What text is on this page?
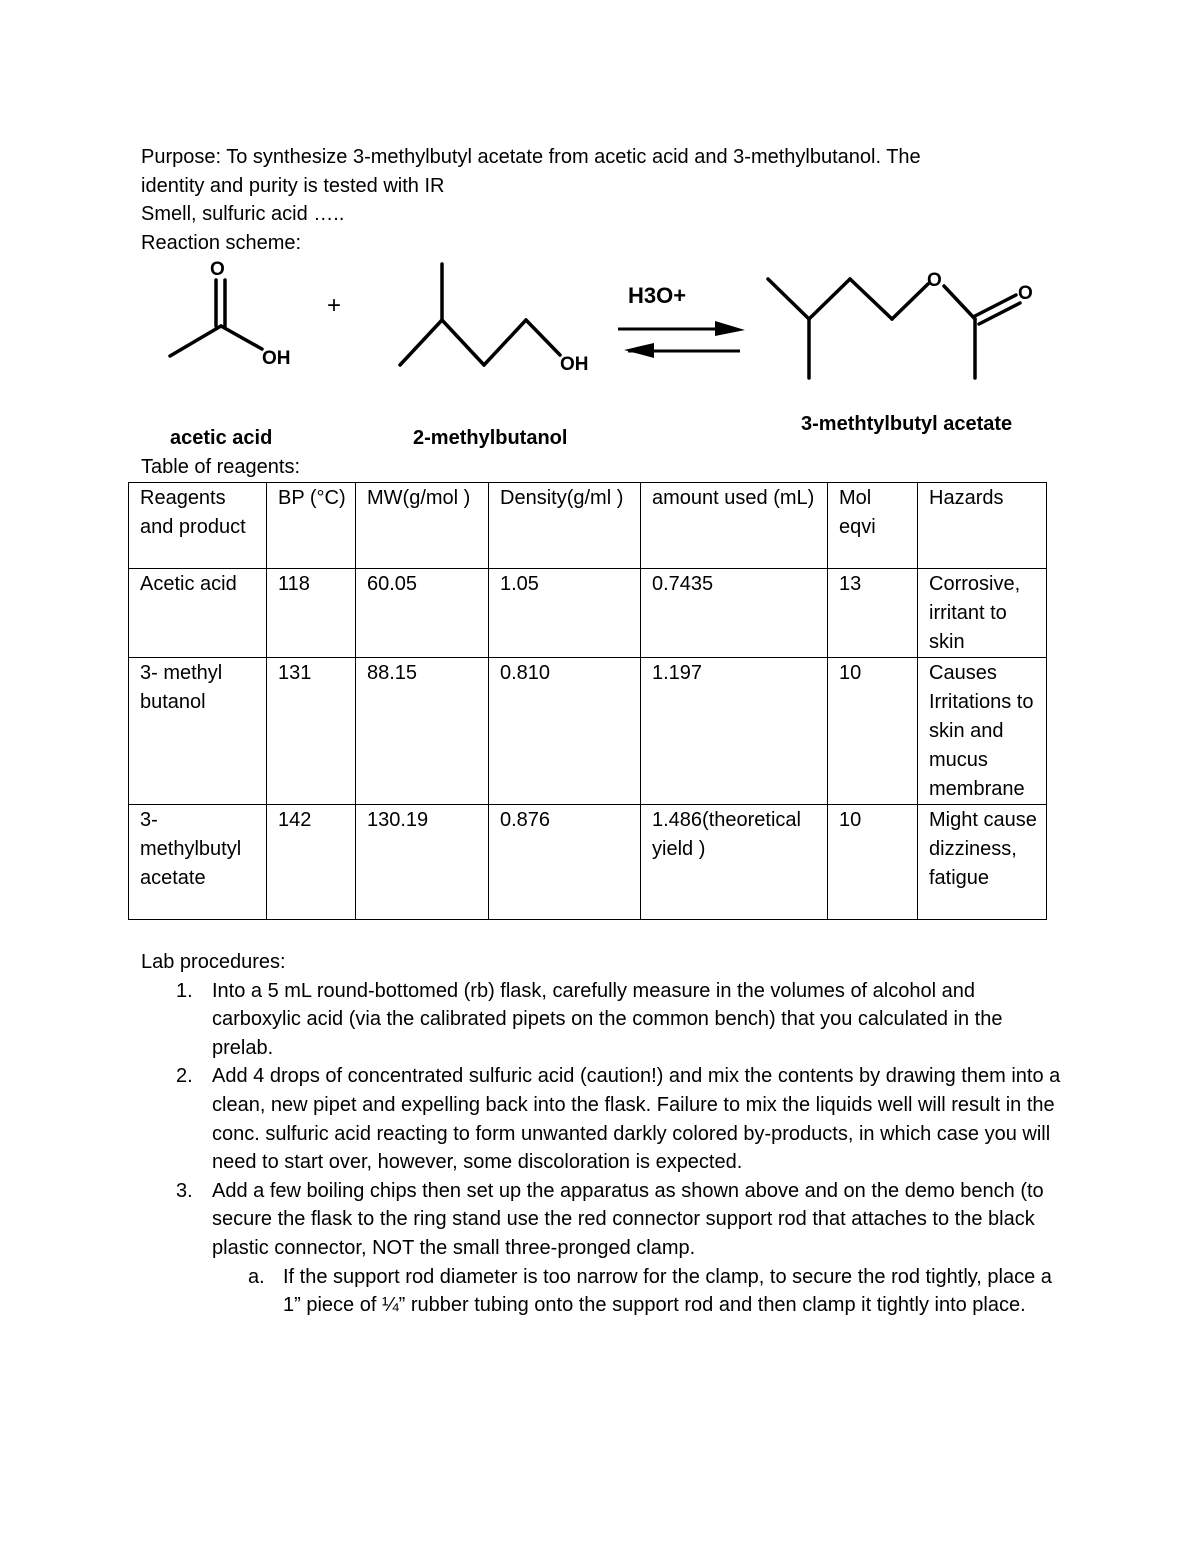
Purpose: To synthesize 3-methylbutyl acetate from acetic acid and 3-methylbutanol. The

identity and purity is tested with IR

Smell, sulfuric acid …..

Reaction scheme:

O
OH
+
OH
H3O+
O
O
acetic acid	2-methylbutanol
3-methtylbutyl acetate
Table of reagents:
Reagents and product	BP (°C)	MW(g/mol )	Density(g/ml )	amount used (mL)	Mol eqvi	Hazards
Acetic acid	118	60.05	1.05	0.7435	13	Corrosive, irritant to skin
3- methyl butanol	131	88.15	0.810	1.197	10	Causes Irritations to skin and mucus membrane
3- methylbutyl acetate	142	130.19	0.876	1.486(theoretical yield )	10	Might cause dizziness, fatigue

Lab procedures:

1. Into a 5 mL round-bottomed (rb) flask, carefully measure in the volumes of alcohol and carboxylic acid (via the calibrated pipets on the common bench) that you calculated in the prelab.
2. Add 4 drops of concentrated sulfuric acid (caution!) and mix the contents by drawing them into a clean, new pipet and expelling back into the flask. Failure to mix the liquids well will result in the conc. sulfuric acid reacting to form unwanted darkly colored by-products, in which case you will need to start over, however, some discoloration is expected.
3. Add a few boiling chips then set up the apparatus as shown above and on the demo bench (to secure the flask to the ring stand use the red connector support rod that attaches to the black plastic connector, NOT the small three-pronged clamp.
a. If the support rod diameter is too narrow for the clamp, to secure the rod tightly, place a 1” piece of ¼” rubber tubing onto the support rod and then clamp it tightly into place.
